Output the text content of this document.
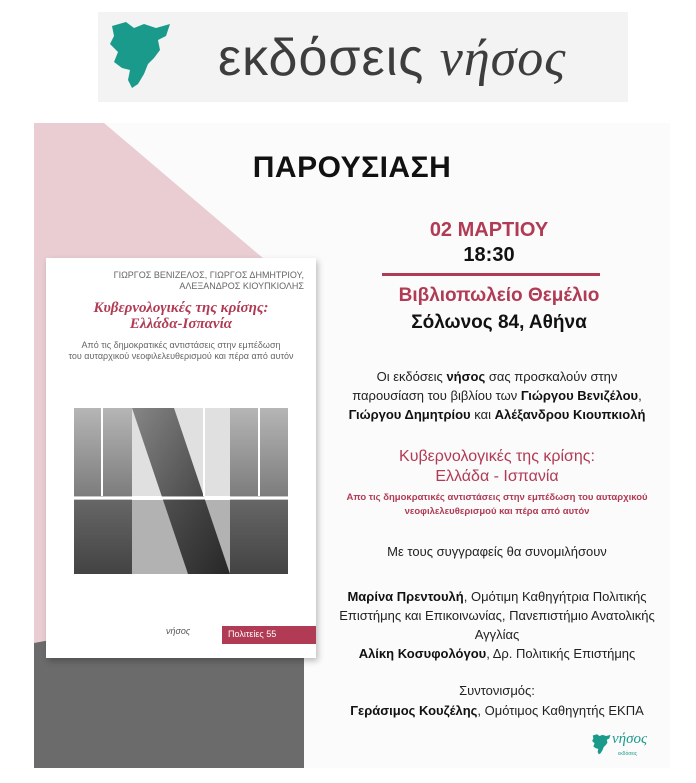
εκδόσεις νήσος
ΠΑΡΟΥΣΙΑΣΗ
ΓΙΩΡΓΟΣ ΒΕΝΙΖΕΛΟΣ, ΓΙΩΡΓΟΣ ΔΗΜΗΤΡΙΟΥ,
ΑΛΕΞΑΝΔΡΟΣ ΚΙΟΥΠΚΙΟΛΗΣ
Κυβερνολογικές της κρίσης:
Ελλάδα-Ισπανία
Από τις δημοκρατικές αντιστάσεις στην εμπέδωση
του αυταρχικού νεοφιλελευθερισμού και πέρα από αυτόν
νήσος	Πολιτείες 55
02 ΜΑΡΤΙΟΥ
18:30
Βιβλιοπωλείο Θεμέλιο
Σόλωνος 84, Αθήνα
Οι εκδόσεις νήσος σας προσκαλούν στην
παρουσίαση του βιβλίου των Γιώργου Βενιζέλου,
Γιώργου Δημητρίου και Αλέξανδρου Κιουπκιολή
Κυβερνολογικές της κρίσης:
Ελλάδα - Ισπανία
Απο τις δημοκρατικές αντιστάσεις στην εμπέδωση του αυταρχικού
νεοφιλελευθερισμού και πέρα από αυτόν
Με τους συγγραφείς θα συνομιλήσουν
Μαρίνα Πρεντουλή, Ομότιμη Καθηγήτρια Πολιτικής
Επιστήμης και Επικοινωνίας, Πανεπιστήμιο Ανατολικής
Αγγλίας
Αλίκη Κοσυφολόγου, Δρ. Πολιτικής Επιστήμης
Συντονισμός:
Γεράσιμος Κουζέλης, Ομότιμος Καθηγητής ΕΚΠΑ
νήσος
εκδόσεις
